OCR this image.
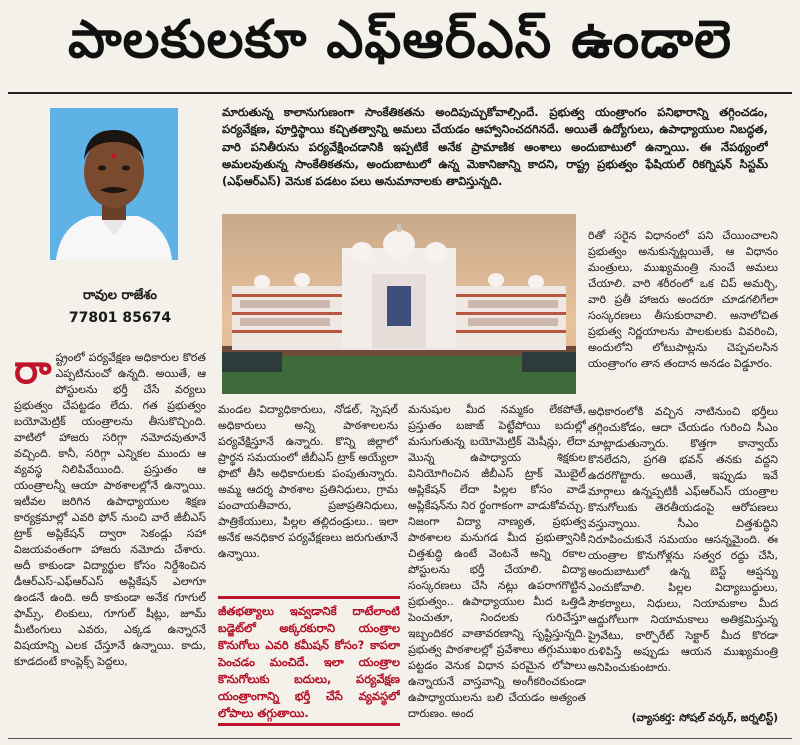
పాలకులకూ ఎఫ్ఆర్ఎస్ ఉండాలె
రావుల రాజేశం
77801 85674
మారుతున్న కాలానుగుణంగా సాంకేతికతను అందిపుచ్చుకోవాల్సిందే. ప్రభుత్వ యంత్రాంగం పనిభారాన్ని తగ్గించడం, పర్యవేక్షణ, పూర్తిస్థాయి కచ్చితత్వాన్ని అమలు చేయడం ఆహ్వానించదగినదే. అయితే ఉద్యోగులు, ఉపాధ్యాయుల నిబద్ధత, వారి పనితీరును పర్యవేక్షించడానికి ఇప్పటికే అనేక ప్రామాణిక అంశాలు అందుబాటులో ఉన్నాయి. ఈ నేపథ్యంలో అమలవుతున్న సాంకేతికతను, అందుబాటులో ఉన్న మెకానిజాన్ని కాదని, రాష్ట్ర ప్రభుత్వం ఫేషియల్ రికగ్నిషన్ సిస్టమ్ (ఎఫ్ఆర్ఎస్) వెనుక పడటం పలు అనుమానాలకు తావిస్తున్నది.
రా ష్ట్రంలో పర్యవేక్షణ అధికారుల కొరత ఎప్పటినుంచో ఉన్నది. అయితే, ఆ పోస్టులను భర్తీ చేసే వర్యలు ప్రభుత్వం చేపట్టడం లేదు. గత ప్రభుత్వం బయోమెట్రిక్ యంత్రాలను తీసుకొచ్చింది. వాటిలో హాజరు సరిగ్గా నమోదవుతూనే వచ్చింది. కానీ, సరిగ్గా ఎన్నికల ముందు ఆ వ్యవస్థ నిలిపివేయింది. ప్రస్తుతం ఆ యంత్రాలన్నీ ఆయా పాఠశాలల్లోనే ఉన్నాయి. ఇటీవల జరిగిన ఉపాధ్యాయుల శిక్షణ కార్యక్రమాల్లో ఎవరి ఫోన్ నుంచి వారే జీబీఎస్ ట్రాక్ అప్లికేషన్ ద్వారా సెకండ్లు సహా విజయవంతంగా హాజరు నమోదు చేశారు. అదీ కాకుండా విద్యార్థుల కోసం నిర్దేశించిన డీఆర్ఎస్-ఎఫ్ఆర్ఎస్ అప్లికేషన్ ఎలాగూ ఉండనే ఉంది. అదీ కాకుండా అనేక గూగుల్ ఫామ్స్, లింకులు, గూగుల్ షీట్లు, జూమ్ మీటింగులు ఎవరు, ఎక్కడ ఉన్నారనే విషయాన్ని ఎలక చేస్తూనే ఉన్నాయి. కాదు, కూడదంటే కాంప్లెక్స్ పెద్దలు,
మండల విద్యాధికారులు, నోడల్, స్పెషల్ అధికారులు అన్ని పాఠశాలలను పర్యవేక్షిస్తూనే ఉన్నారు. కొన్ని జిల్లాలో ప్రార్థన సమయంలో జీబీఎస్ ట్రాక్ అయ్యేలా ఫొటో తీసి అధికారులకు పంపుతున్నారు. అమ్మ ఆదర్శ పాఠశాల ప్రతినిధులు, గ్రామ పంచాయతీవారు, ప్రజాప్రతినిధులు, పాత్రికేయులు, పిల్లల తల్లిదండ్రులు.. ఇలా అనేక అనధికార పర్యవేక్షణలు జరుగుతూనే ఉన్నాయి.
జీతభత్యాలు ఇవ్వడానికే దాటేలాంటి బడ్జెట్‌లో అక్కరకురాని యంత్రాల కొనుగోలు ఎవరి కమీషన్ కోసం? కాపలా పెంచడం మంచిదే. ఇలా యంత్రాల కొనుగోలుకు బదులు, పర్యవేక్షణ యంత్రాంగాన్ని భర్తీ చేసే వ్యవస్థలో లోపాలు తగ్గుతాయి.
మనుషుల మీద నమ్మకం లేకపోతే, ప్రస్తుతం బజాజ్ పెట్టేపోయి బదుల్లో మసుగుతున్న బయోమెట్రిక్ మెషీన్లు, లేదా మొన్న ఉపాధ్యాయ శిక్షకుల వినియోగించిన జీబీఎస్ ట్రాక్ మొబైల్ అప్లికేషన్ లేదా పిల్లల కోసం వాడే అప్లికేషన్‌ను నిర ర్థంగాకంగా వాడుకోవచ్చు. నిజంగా విద్యా నాణ్యత, ప్రభుత్వ పాఠశాలల మనుగడ మీద ప్రభుత్వానికి చిత్తశుద్ధి ఉంటే వెంటనే అన్ని రకాల పోస్టులను భర్తీ చేయాలి. విద్యా సంస్కరణలు చేసి నట్లు ఉపరాగగొట్టిన ప్రభుత్వం.. ఉపాధ్యాయుల మీద ఒత్తిడి పెంచుతూ, నిందలకు గురిచేస్తూ ఇబ్బందికర వాతావరణాన్ని సృష్టిస్తున్నది. ప్రభుత్వ పాఠశాలల్లో ప్రవేశాలు తగ్గుముఖం పట్టడం వెనుక విధాన పరమైన లోపాలు ఉన్నాయనే వాస్తవాన్ని అంగీకరించకుండా ఉపాధ్యాయులను బలి చేయడం అత్యంత దారుణం. అంద
రితో సరైన విధానంలో పని చేయించాలని ప్రభుత్వం అనుకున్నట్లయితే, ఆ విధానం మంత్రులు, ముఖ్యమంత్రి నుంచే అమలు చేయాలి. వారి శరీరంలో ఒక చిప్ అమర్చి, వారి ప్రతీ హాజరు అందరూ చూడగలిగేలా సంస్కరణలు తీసుకురావాలి. అనాలోచిత ప్రభుత్వ నిర్ణయాలను పాలకులకు వివరించి, అందులోని లోటుపాట్లను చెప్పవలసిన యంత్రాంగం తాన తందాన అనడం విడ్డూరం.
అధికారంలోకి వచ్చిన నాటినుంచి భర్తీలు తగ్గించుకోడం, ఆదా చేయడం గురించి సీఎం మాట్లాడుతున్నారు. కొత్తగా కాన్వాయ్ కొనలేదని, ప్రగతి భవన్ తనకు వద్దని ఉదరగొట్టారు. అయితే, ఇప్పుడు ఇవే మార్గాలు ఉన్నప్పటికీ ఎఫ్ఆర్ఎస్ యంత్రాల కొనుగోలుకు తెరతీయడంపై ఆరోపణలు వస్తున్నాయి. సీఎం చిత్తశుద్ధిని నిరూపించుకునే సమయం ఆసన్నమైంది. ఈ యంత్రాల కొనుగోళ్లను సత్వర రద్దు చేసి, అందుబాటులో ఉన్న బెస్ట్ ఆప్షన్ను ఎంచుకోవాలి. పిల్లల విద్యాబుద్ధులు, సౌకర్యాలు, నిధులు, నియామకాల మీద ఆద్దుగోలుగా నియామకాలు అతిక్రమిస్తున్న ప్రైవేటు, కార్పొరేట్ సెక్టార్ మీద కొరడా రుళిపిస్తే అప్పుడు ఆయన ముఖ్యమంత్రి అనిపించుకుంటారు.
(వ్యాసకర్త: సోషల్ వర్కర్, జర్నలిస్ట్)
